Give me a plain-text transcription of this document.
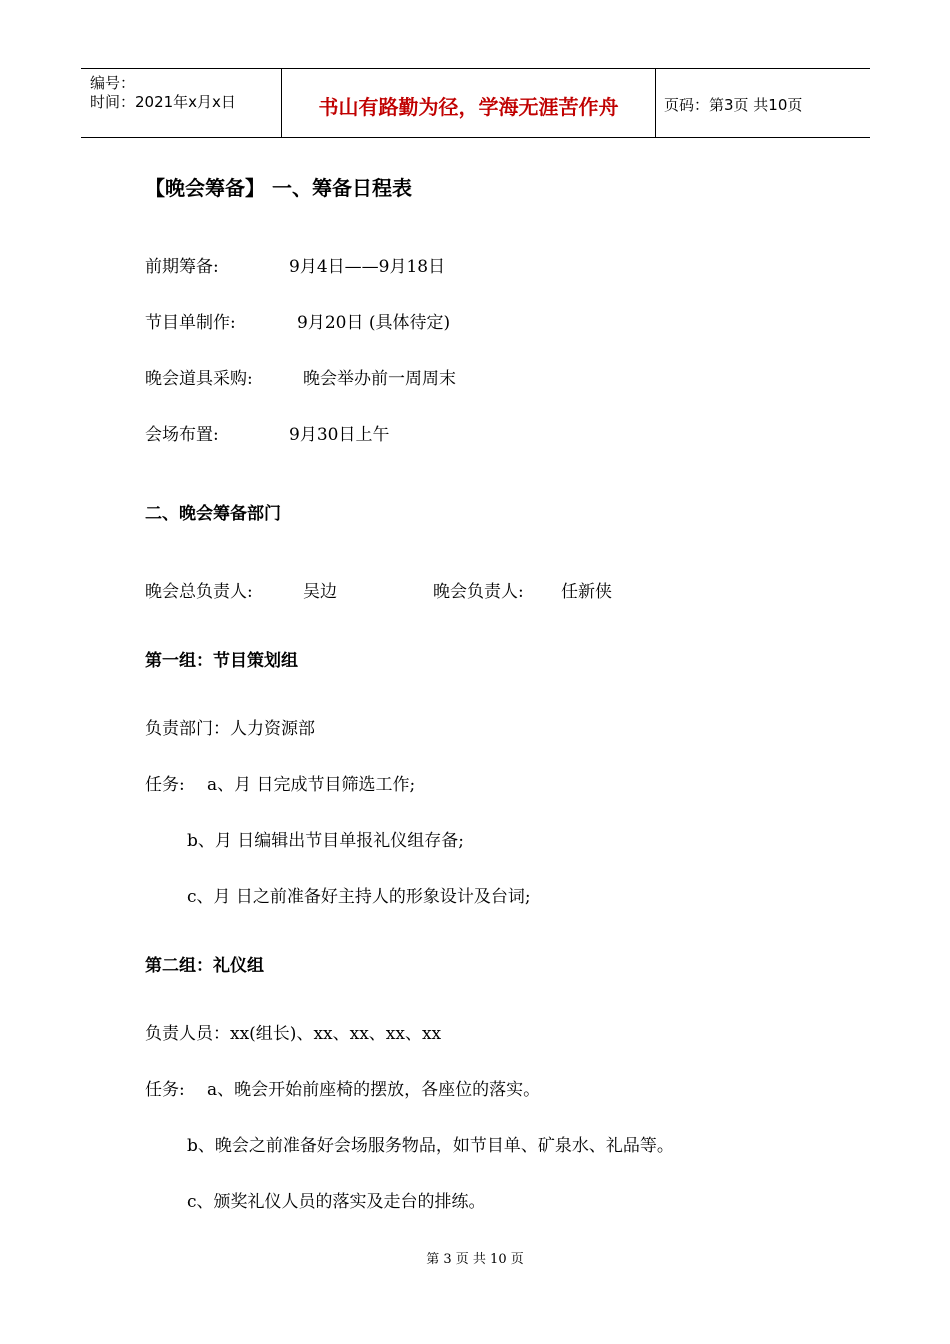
编号：
时间：2021年x月x日	书山有路勤为径，学海无涯苦作舟	页码：第3页 共10页
【晚会筹备】 一、筹备日程表
前期筹备:	9月4日——9月18日
节目单制作:	9月20日 (具体待定)
晚会道具采购:	晚会举办前一周周末
会场布置:	9月30日上午
二、晚会筹备部门
晚会总负责人:	吴边	晚会负责人: 任新侠
第一组：节目策划组
负责部门：人力资源部
任务: a、月 日完成节目筛选工作;
b、月 日编辑出节目单报礼仪组存备;
c、月 日之前准备好主持人的形象设计及台词;
第二组：礼仪组
负责人员：xx(组长)、xx、xx、xx、xx
任务: a、晚会开始前座椅的摆放，各座位的落实。
b、晚会之前准备好会场服务物品，如节目单、矿泉水、礼品等。
c、颁奖礼仪人员的落实及走台的排练。
第 3 页 共 10 页
